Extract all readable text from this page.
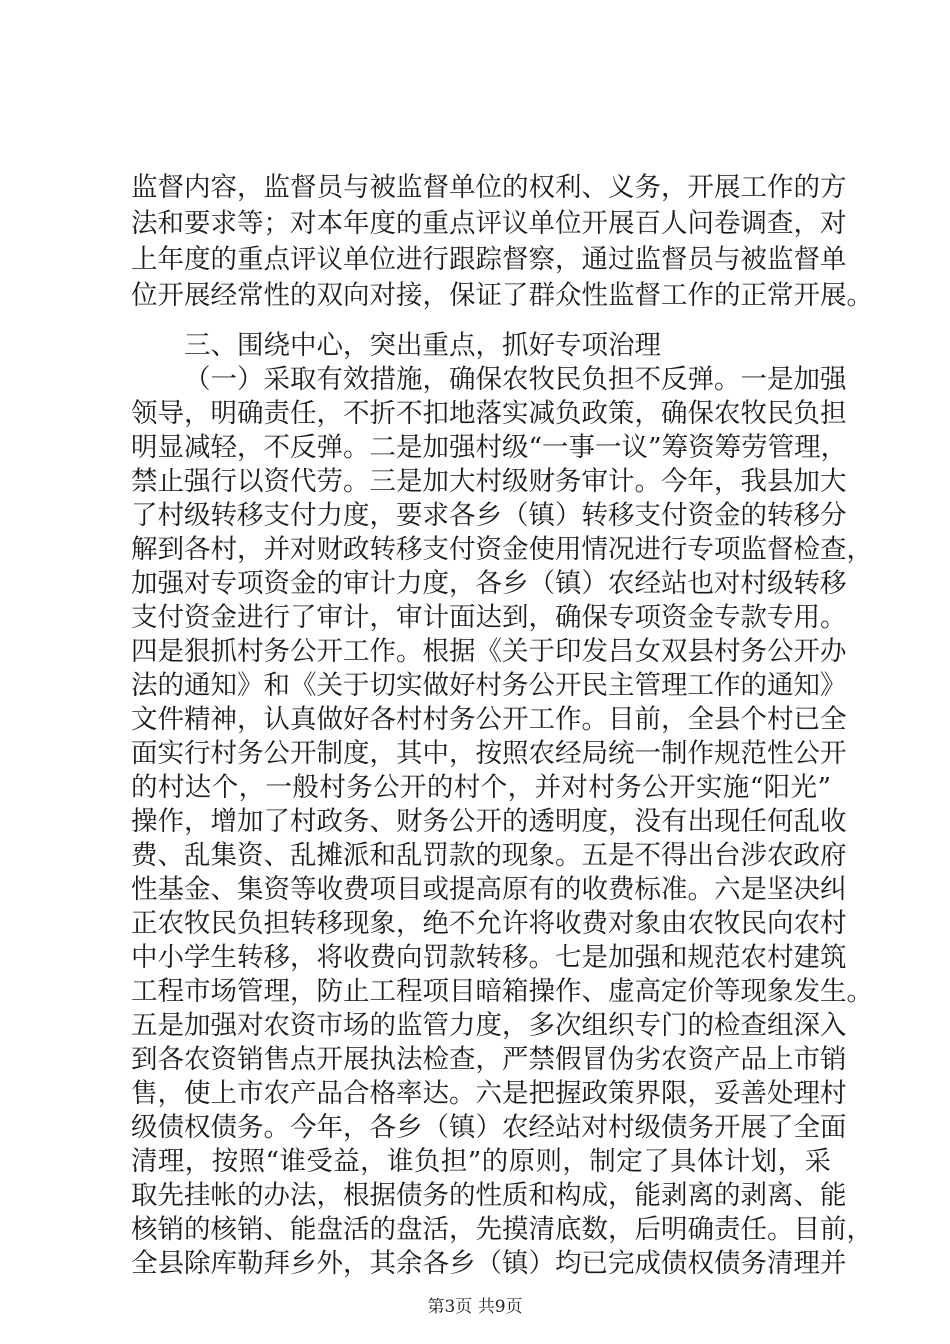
监督内容，监督员与被监督单位的权利、义务，开展工作的方
法和要求等；对本年度的重点评议单位开展百人问卷调查，对
上年度的重点评议单位进行跟踪督察，通过监督员与被监督单
位开展经常性的双向对接，保证了群众性监督工作的正常开展。
三、围绕中心，突出重点，抓好专项治理
（一）采取有效措施，确保农牧民负担不反弹。一是加强
领导，明确责任，不折不扣地落实减负政策，确保农牧民负担
明显减轻，不反弹。二是加强村级“一事一议”筹资筹劳管理，
禁止强行以资代劳。三是加大村级财务审计。今年，我县加大
了村级转移支付力度，要求各乡（镇）转移支付资金的转移分
解到各村，并对财政转移支付资金使用情况进行专项监督检查，
加强对专项资金的审计力度，各乡（镇）农经站也对村级转移
支付资金进行了审计，审计面达到，确保专项资金专款专用。
四是狠抓村务公开工作。根据《关于印发吕女双县村务公开办
法的通知》和《关于切实做好村务公开民主管理工作的通知》
文件精神，认真做好各村村务公开工作。目前，全县个村已全
面实行村务公开制度，其中，按照农经局统一制作规范性公开
的村达个，一般村务公开的村个，并对村务公开实施“阳光”
操作，增加了村政务、财务公开的透明度，没有出现任何乱收
费、乱集资、乱摊派和乱罚款的现象。五是不得出台涉农政府
性基金、集资等收费项目或提高原有的收费标准。六是坚决纠
正农牧民负担转移现象，绝不允许将收费对象由农牧民向农村
中小学生转移，将收费向罚款转移。七是加强和规范农村建筑
工程市场管理，防止工程项目暗箱操作、虚高定价等现象发生。
五是加强对农资市场的监管力度，多次组织专门的检查组深入
到各农资销售点开展执法检查，严禁假冒伪劣农资产品上市销
售，使上市农产品合格率达。六是把握政策界限，妥善处理村
级债权债务。今年，各乡（镇）农经站对村级债务开展了全面
清理，按照“谁受益，谁负担”的原则，制定了具体计划，采
取先挂帐的办法，根据债务的性质和构成，能剥离的剥离、能
核销的核销、能盘活的盘活，先摸清底数，后明确责任。目前，
全县除库勒拜乡外，其余各乡（镇）均已完成债权债务清理并
第3页 共9页
